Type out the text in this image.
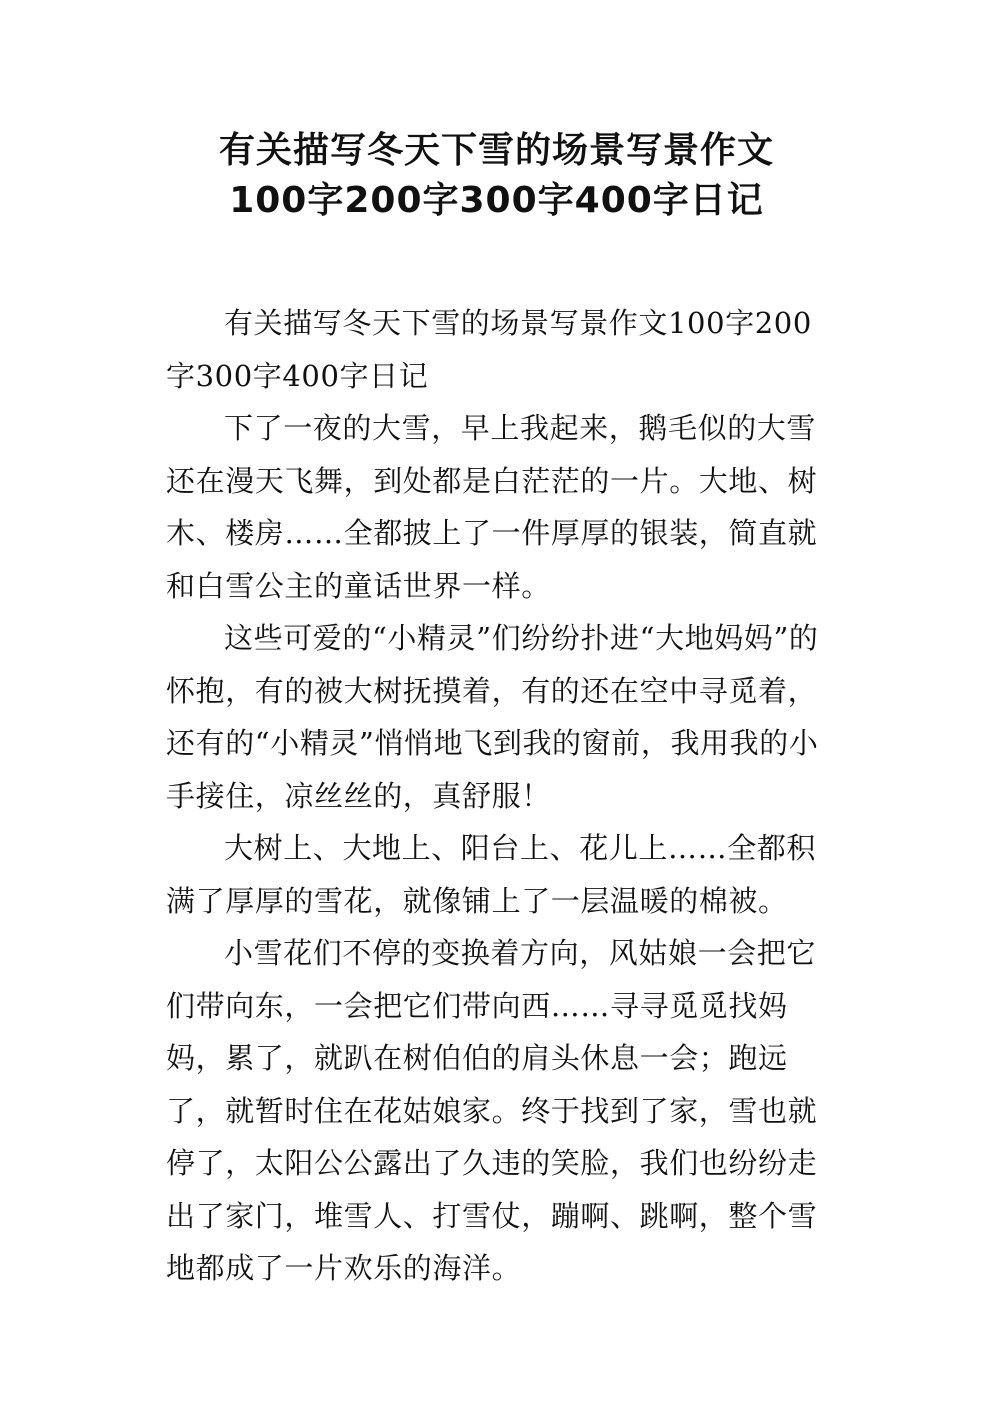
有关描写冬天下雪的场景写景作文
100字200字300字400字日记

有关描写冬天下雪的场景写景作文100字200字300字400字日记

下了一夜的大雪，早上我起来，鹅毛似的大雪还在漫天飞舞，到处都是白茫茫的一片。大地、树木、楼房……全都披上了一件厚厚的银装，简直就和白雪公主的童话世界一样。

这些可爱的“小精灵”们纷纷扑进“大地妈妈”的怀抱，有的被大树抚摸着，有的还在空中寻觅着，还有的“小精灵”悄悄地飞到我的窗前，我用我的小手接住，凉丝丝的，真舒服！

大树上、大地上、阳台上、花儿上……全都积满了厚厚的雪花，就像铺上了一层温暖的棉被。

小雪花们不停的变换着方向，风姑娘一会把它们带向东，一会把它们带向西……寻寻觅觅找妈妈，累了，就趴在树伯伯的肩头休息一会；跑远了，就暂时住在花姑娘家。终于找到了家，雪也就停了，太阳公公露出了久违的笑脸，我们也纷纷走出了家门，堆雪人、打雪仗，蹦啊、跳啊，整个雪地都成了一片欢乐的海洋。
